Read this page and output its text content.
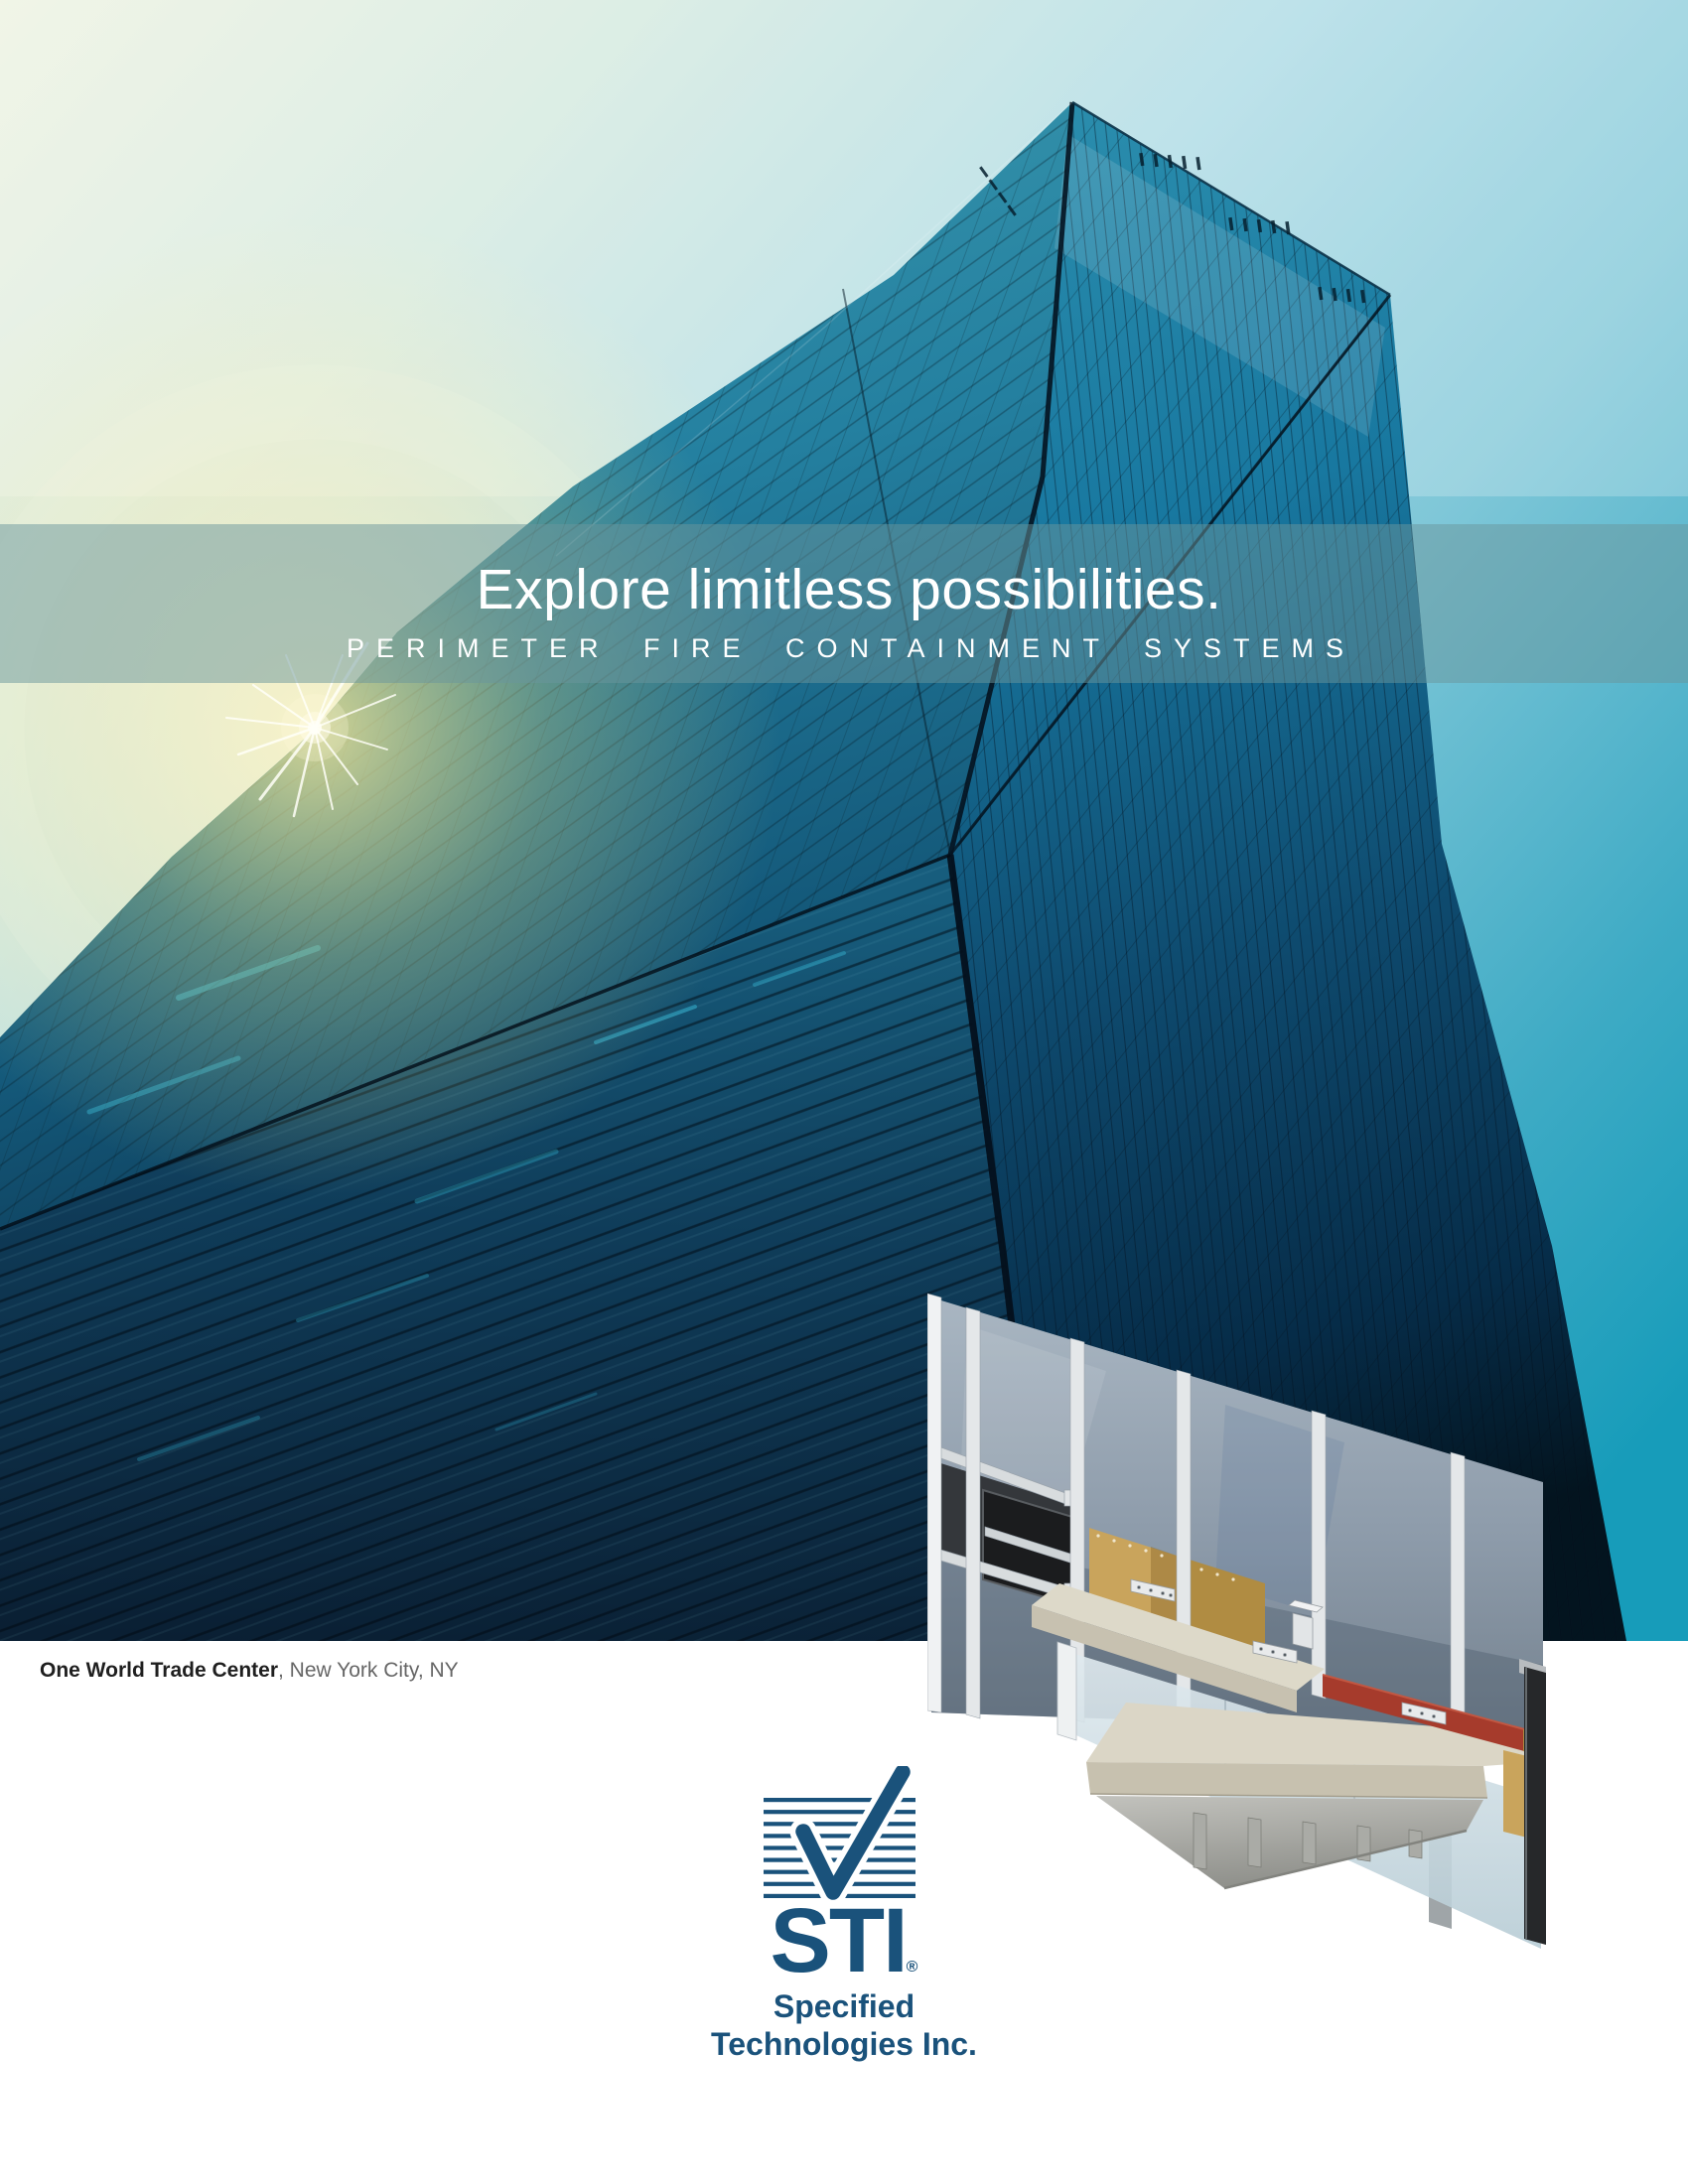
Explore limitless possibilities.
PERIMETER FIRE CONTAINMENT SYSTEMS
One World Trade Center, New York City, NY
STI®
Specified
Technologies Inc.
